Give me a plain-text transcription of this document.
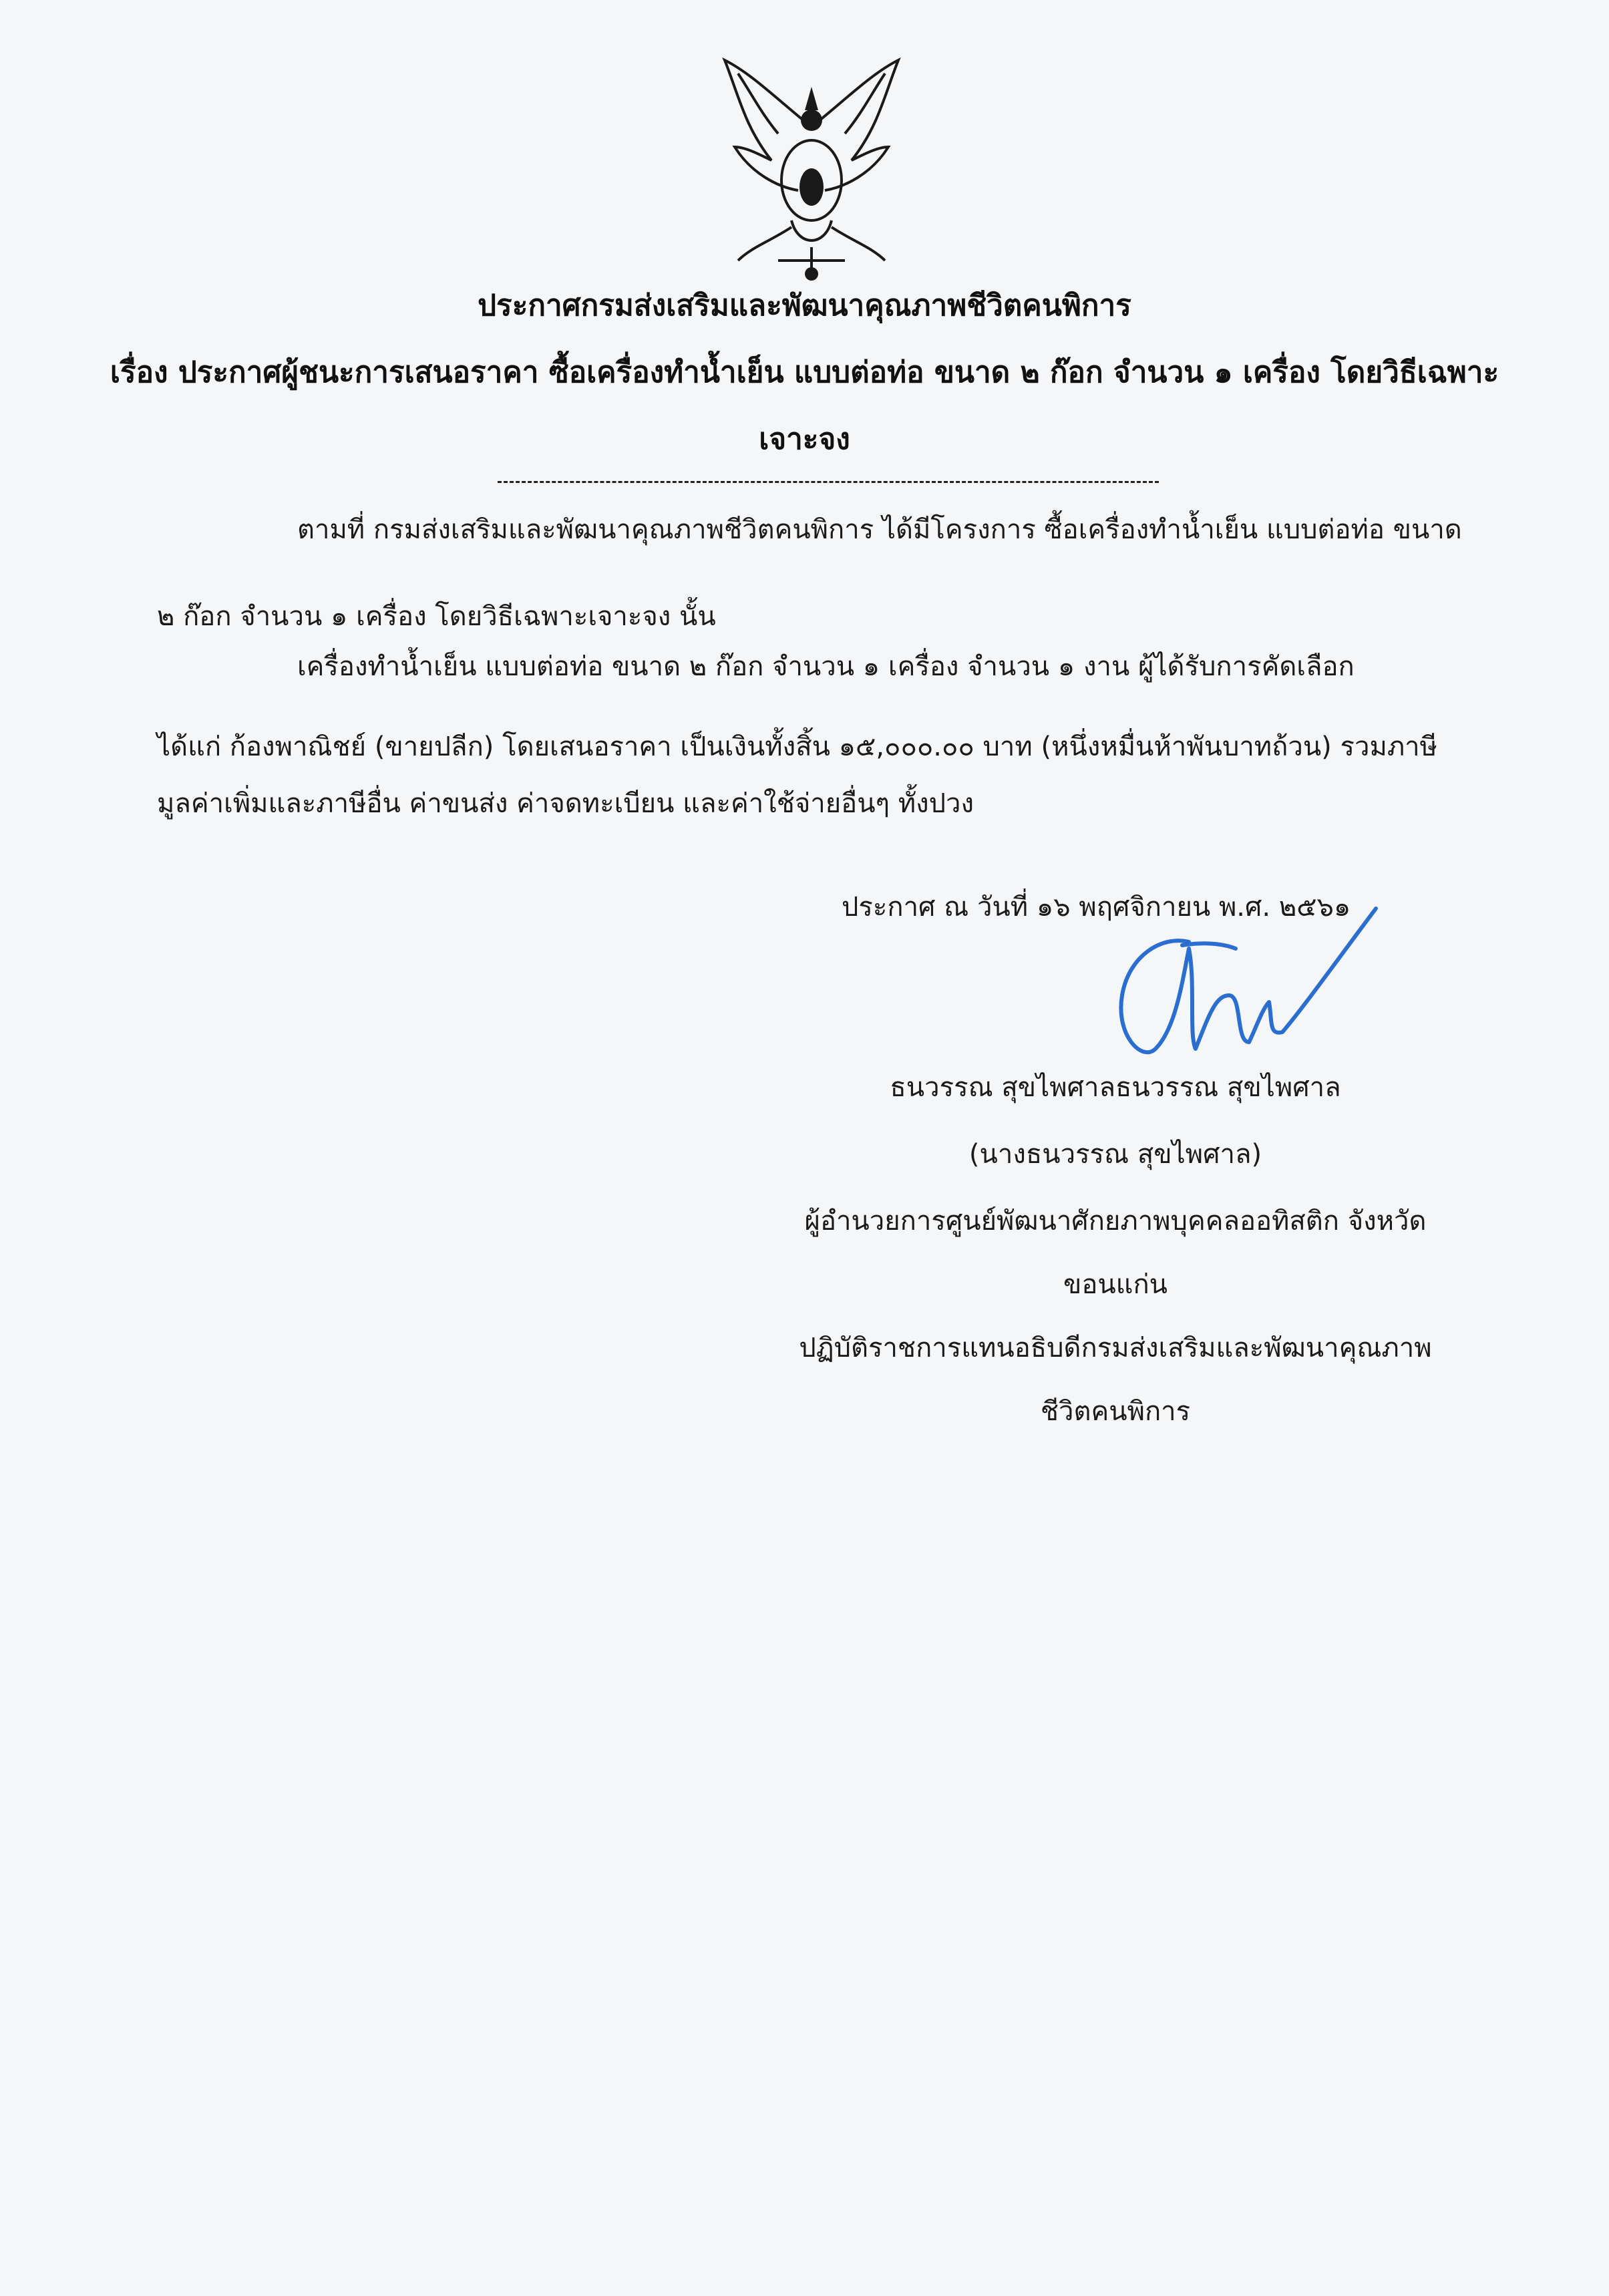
ประกาศกรมส่งเสริมและพัฒนาคุณภาพชีวิตคนพิการ
เรื่อง ประกาศผู้ชนะการเสนอราคา ซื้อเครื่องทำน้ำเย็น แบบต่อท่อ ขนาด ๒ ก๊อก จำนวน ๑ เครื่อง โดยวิธีเฉพาะ
เจาะจง
ตามที่ กรมส่งเสริมและพัฒนาคุณภาพชีวิตคนพิการ ได้มีโครงการ ซื้อเครื่องทำน้ำเย็น แบบต่อท่อ ขนาด
๒ ก๊อก จำนวน ๑ เครื่อง โดยวิธีเฉพาะเจาะจง นั้น
เครื่องทำน้ำเย็น แบบต่อท่อ ขนาด ๒ ก๊อก จำนวน ๑ เครื่อง จำนวน ๑ งาน ผู้ได้รับการคัดเลือก
ได้แก่ ก้องพาณิชย์ (ขายปลีก) โดยเสนอราคา เป็นเงินทั้งสิ้น ๑๕,๐๐๐.๐๐ บาท (หนึ่งหมื่นห้าพันบาทถ้วน) รวมภาษี
มูลค่าเพิ่มและภาษีอื่น ค่าขนส่ง ค่าจดทะเบียน และค่าใช้จ่ายอื่นๆ ทั้งปวง
ประกาศ ณ วันที่ ๑๖ พฤศจิกายน พ.ศ. ๒๕๖๑
ธนวรรณ สุขไพศาลธนวรรณ สุขไพศาล
(นางธนวรรณ สุขไพศาล)
ผู้อำนวยการศูนย์พัฒนาศักยภาพบุคคลออทิสติก จังหวัด
ขอนแก่น
ปฏิบัติราชการแทนอธิบดีกรมส่งเสริมและพัฒนาคุณภาพ
ชีวิตคนพิการ
